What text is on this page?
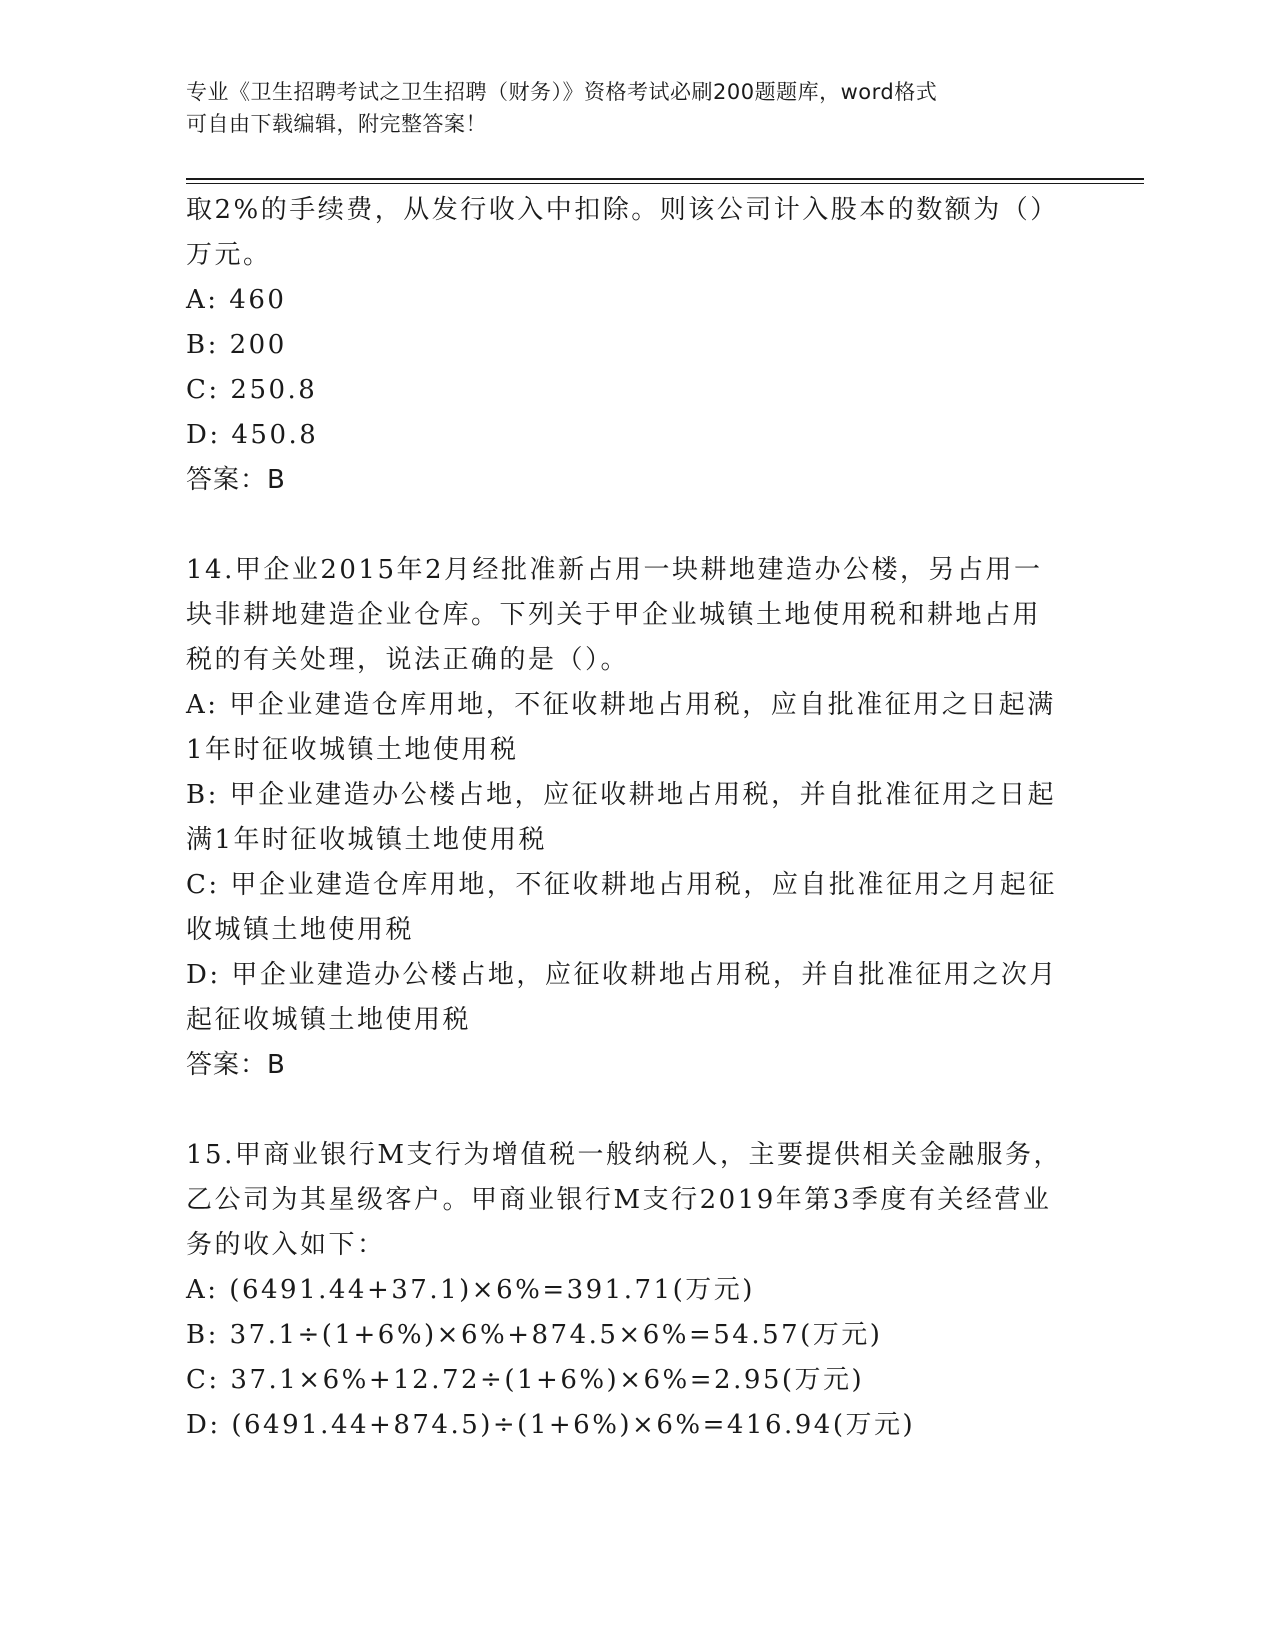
专业《卫生招聘考试之卫生招聘（财务）》资格考试必刷200题题库，word格式
可自由下载编辑，附完整答案！
取2%的手续费，从发行收入中扣除。则该公司计入股本的数额为（）
万元。
A: 460
B: 200
C: 250.8
D: 450.8
答案：B
14.甲企业2015年2月经批准新占用一块耕地建造办公楼，另占用一
块非耕地建造企业仓库。下列关于甲企业城镇土地使用税和耕地占用
税的有关处理，说法正确的是（）。
A: 甲企业建造仓库用地，不征收耕地占用税，应自批准征用之日起满
1年时征收城镇土地使用税
B: 甲企业建造办公楼占地，应征收耕地占用税，并自批准征用之日起
满1年时征收城镇土地使用税
C: 甲企业建造仓库用地，不征收耕地占用税，应自批准征用之月起征
收城镇土地使用税
D: 甲企业建造办公楼占地，应征收耕地占用税，并自批准征用之次月
起征收城镇土地使用税
答案：B
15.甲商业银行M支行为增值税一般纳税人，主要提供相关金融服务，
乙公司为其星级客户。甲商业银行M支行2019年第3季度有关经营业
务的收入如下：
A: (6491.44+37.1)×6%=391.71(万元)
B: 37.1÷(1+6%)×6%+874.5×6%=54.57(万元)
C: 37.1×6%+12.72÷(1+6%)×6%=2.95(万元)
D: (6491.44+874.5)÷(1+6%)×6%=416.94(万元)
